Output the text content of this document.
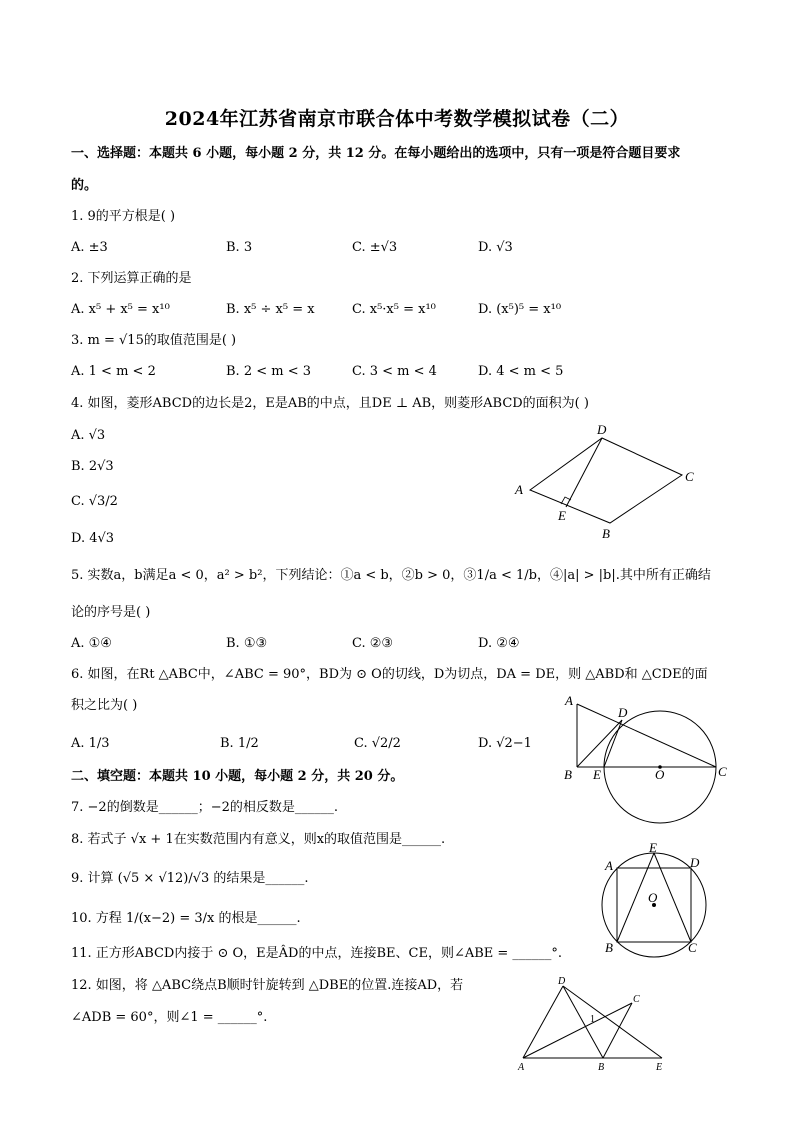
2024年江苏省南京市联合体中考数学模拟试卷（二）
一、选择题：本题共 6 小题，每小题 2 分，共 12 分。在每小题给出的选项中，只有一项是符合题目要求
的。
1. 9的平方根是( )
A. ±3	B. 3	C. ±√3	D. √3
2. 下列运算正确的是
A. x⁵ + x⁵ = x¹⁰	B. x⁵ ÷ x⁵ = x	C. x⁵·x⁵ = x¹⁰	D. (x⁵)⁵ = x¹⁰
3. m = √15的取值范围是( )
A. 1 < m < 2	B. 2 < m < 3	C. 3 < m < 4	D. 4 < m < 5
4. 如图，菱形ABCD的边长是2，E是AB的中点，且DE ⊥ AB，则菱形ABCD的面积为( )
A. √3
B. 2√3
C. √3/2
D. 4√3
A
D
C
B
E
5. 实数a，b满足a < 0，a² > b²，下列结论：①a < b，②b > 0，③1/a < 1/b，④|a| > |b|.其中所有正确结
论的序号是( )
A. ①④	B. ①③	C. ②③	D. ②④
6. 如图，在Rt △ABC中，∠ABC = 90°，BD为 ⊙ O的切线，D为切点，DA = DE，则 △ABD和 △CDE的面
积之比为( )
A. 1/3	B. 1/2	C. √2/2	D. √2−1
A
D
B E	O	C
二、填空题：本题共 10 小题，每小题 2 分，共 20 分。
7. −2的倒数是______；−2的相反数是______.
8. 若式子 √x + 1在实数范围内有意义，则x的取值范围是______.
9. 计算 (√5 × √12)/√3 的结果是______.
10. 方程 1/(x−2) = 3/x 的根是______.
11. 正方形ABCD内接于 ⊙ O，E是ÂD的中点，连接BE、CE，则∠ABE = ______°.
A
E
D
O
B	C
12. 如图，将 △ABC绕点B顺时针旋转到 △DBE的位置.连接AD，若
∠ADB = 60°，则∠1 = ______°.
D
C
1
A	B	E
